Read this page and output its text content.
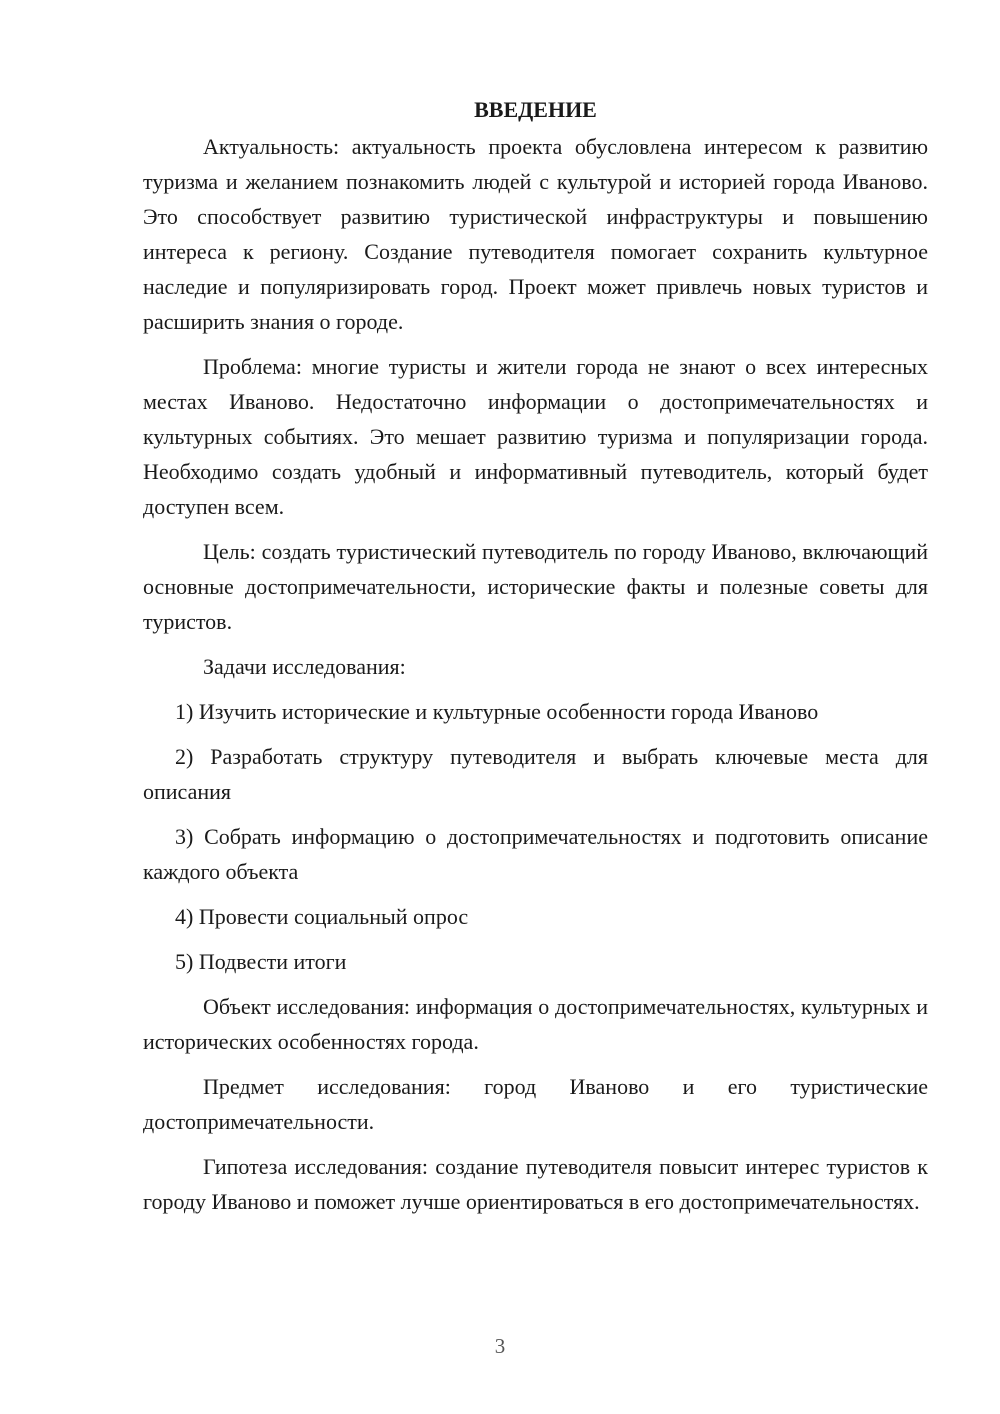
ВВЕДЕНИЕ

Актуальность: актуальность проекта обусловлена интересом к развитию туризма и желанием познакомить людей с культурой и историей города Иваново. Это способствует развитию туристической инфраструктуры и повышению интереса к региону. Создание путеводителя помогает сохранить культурное наследие и популяризировать город. Проект может привлечь новых туристов и расширить знания о городе.

Проблема: многие туристы и жители города не знают о всех интересных местах Иваново. Недостаточно информации о достопримечательностях и культурных событиях. Это мешает развитию туризма и популяризации города. Необходимо создать удобный и информативный путеводитель, который будет доступен всем.

Цель: создать туристический путеводитель по городу Иваново, включающий основные достопримечательности, исторические факты и полезные советы для туристов.

Задачи исследования:

1) Изучить исторические и культурные особенности города Иваново

2) Разработать структуру путеводителя и выбрать ключевые места для описания

3) Собрать информацию о достопримечательностях и подготовить описание каждого объекта

4) Провести социальный опрос

5) Подвести итоги

Объект исследования: информация о достопримечательностях, культурных и исторических особенностях города.

Предмет исследования: город Иваново и его туристические достопримечательности.

Гипотеза исследования: создание путеводителя повысит интерес туристов к городу Иваново и поможет лучше ориентироваться в его достопримечательностях.

3
